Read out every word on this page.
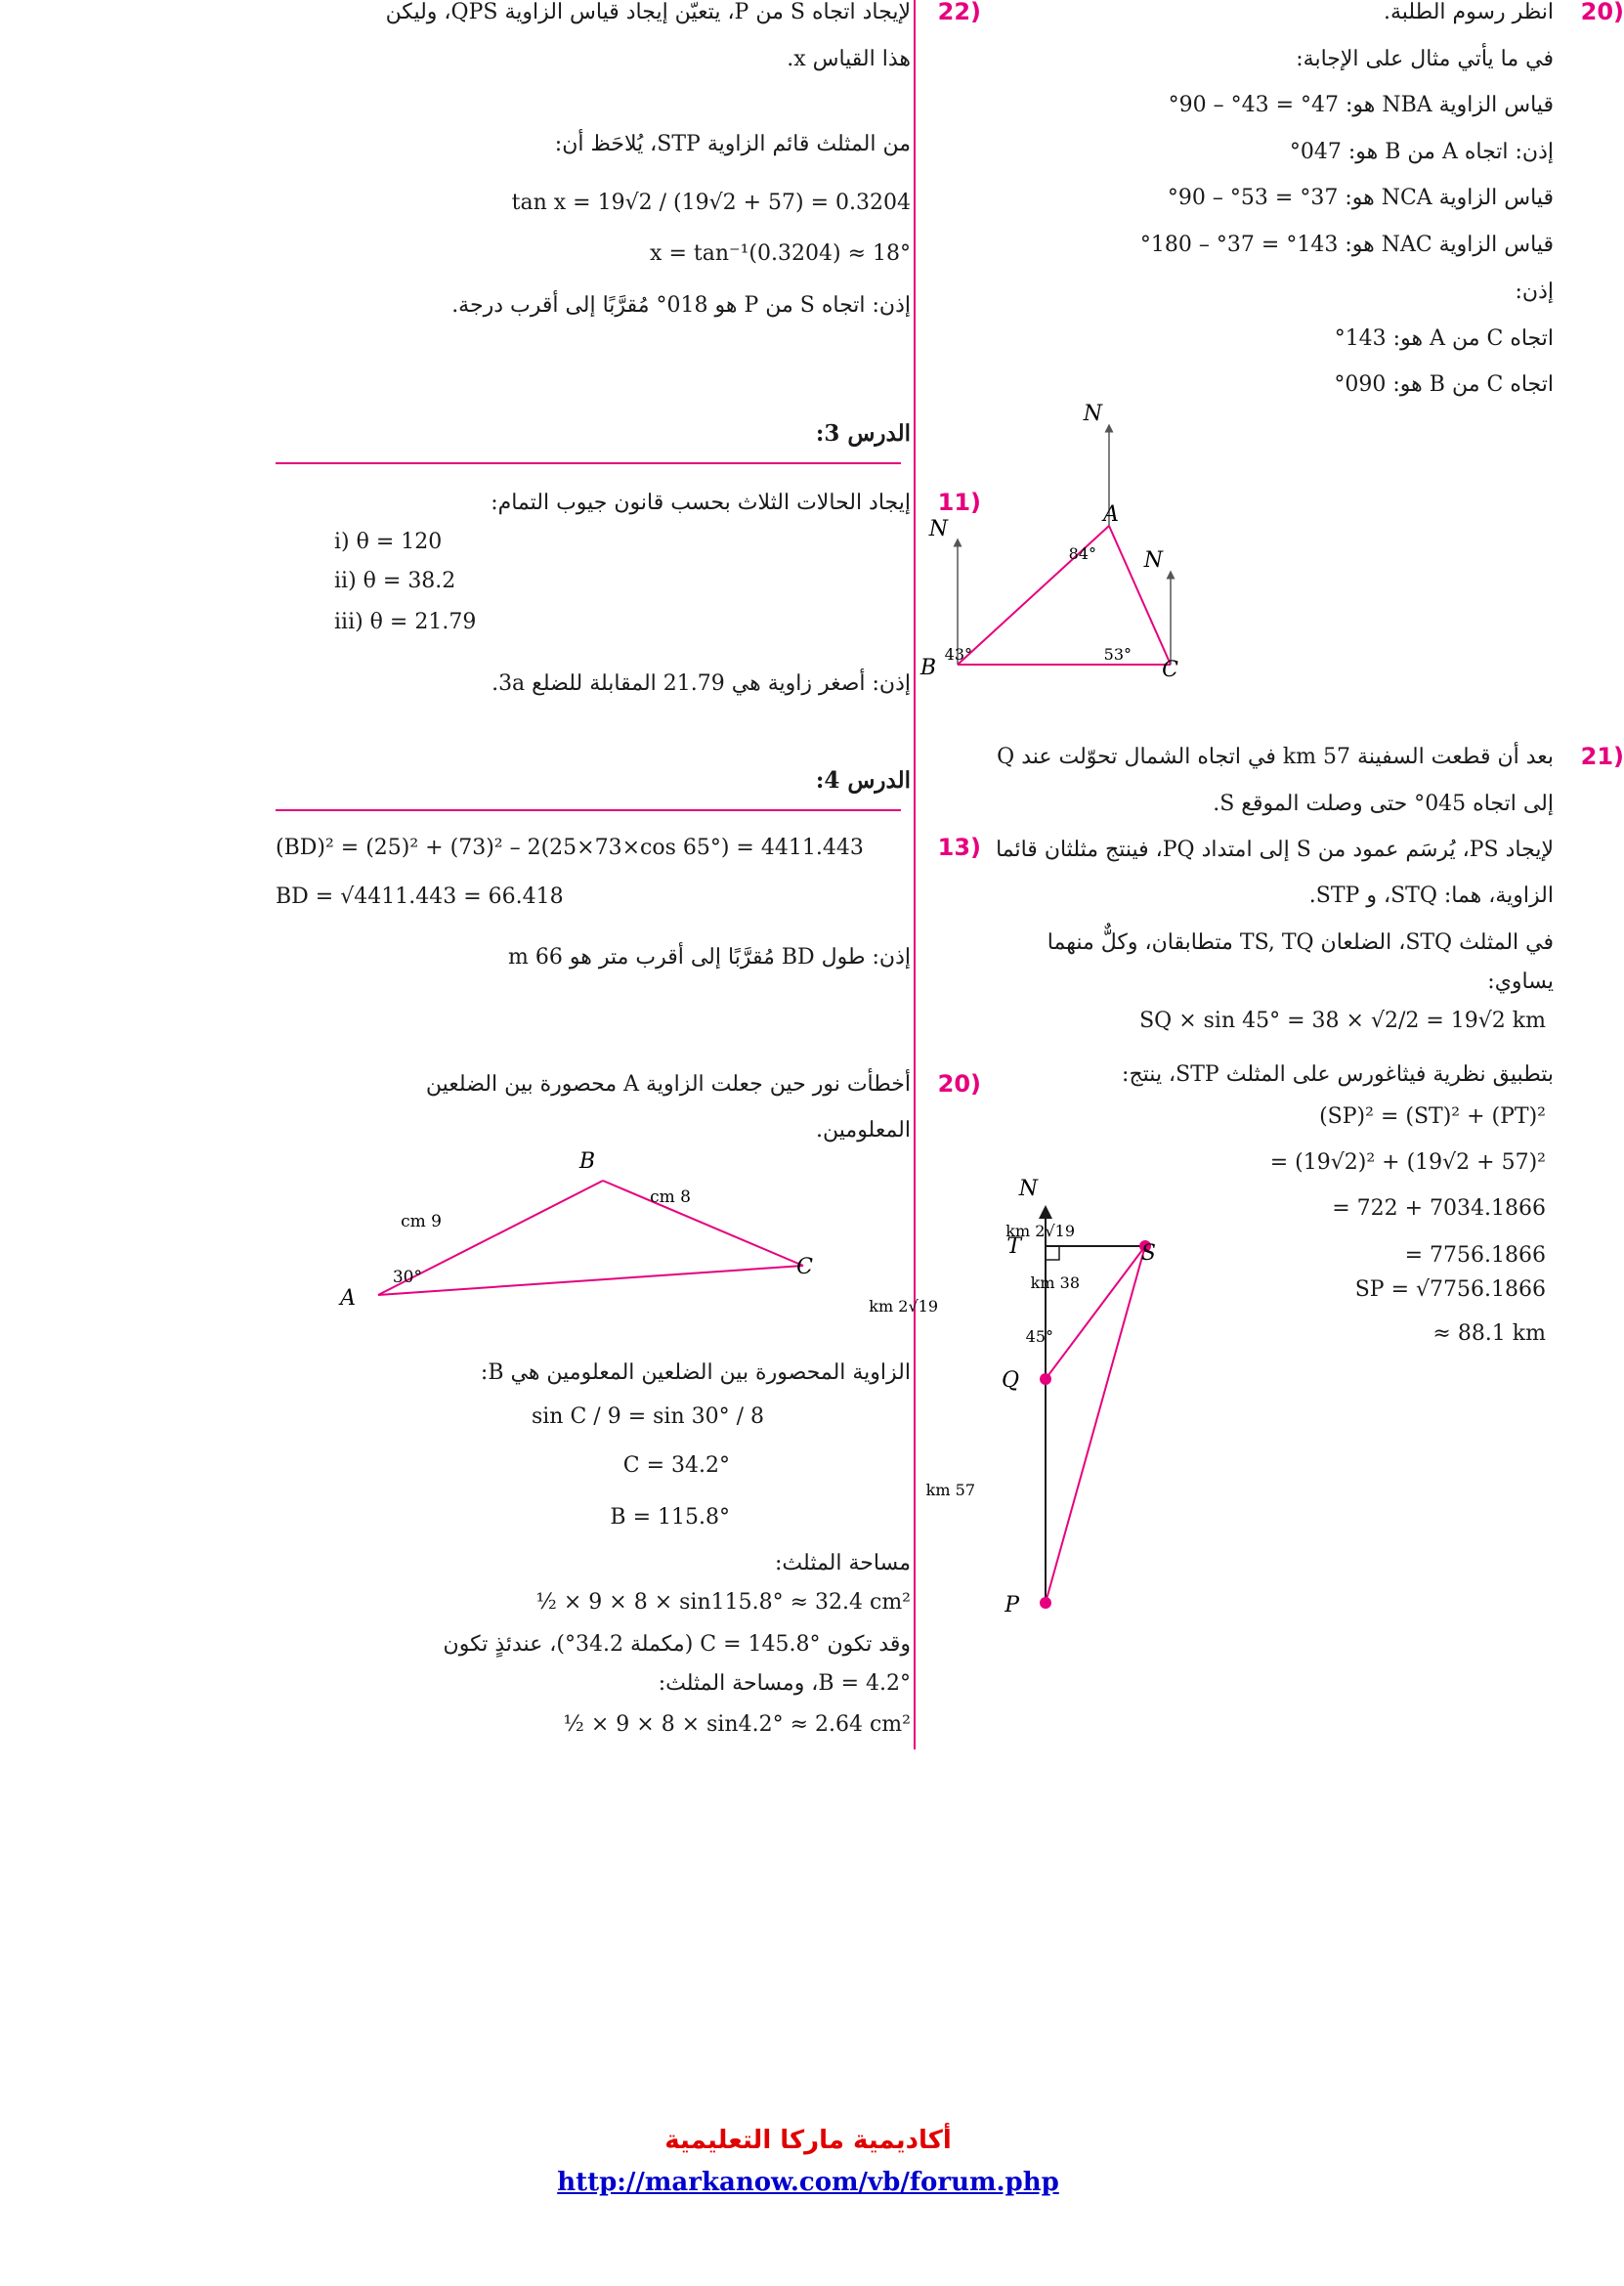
20)
انظر رسوم الطلبة.
في ما يأتي مثال على الإجابة:
قياس الزاوية NBA هو: 47° = 43° – 90°
إذن: اتجاه A من B هو: 047°
قياس الزاوية NCA هو: 37° = 53° – 90°
قياس الزاوية NAC هو: 143° = 37° – 180°
إذن:
اتجاه C من A هو: 143°
اتجاه C من B هو: 090°
N
A
N
N
B	C
84°
43°	53°
21)
بعد أن قطعت السفينة 57 km في اتجاه الشمال تحوّلت عند Q
إلى اتجاه 045° حتى وصلت الموقع S.
لإيجاد PS، يُرسَم عمود من S إلى امتداد PQ، فينتج مثلثان قائما
الزاوية، هما: STQ، و STP.
في المثلث STQ، الضلعان TS, TQ متطابقان، وكلٌّ منهما
يساوي:
SQ × sin 45° = 38 × √2/2 = 19√2 km
بتطبيق نظرية فيثاغورس على المثلث STP، ينتج:
(SP)² = (ST)² + (PT)²
= (19√2)² + (19√2 + 57)²
= 722 + 7034.1866
= 7756.1866
SP = √7756.1866
≈ 88.1 km
N
T	S
Q
P
19√2 km
19√2 km
38 km
45°
57 km
22)
لإيجاد اتجاه S من P، يتعيّن إيجاد قياس الزاوية QPS، وليكن
هذا القياس x.
من المثلث قائم الزاوية STP، يُلاحَظ أن:
tan x = 19√2 / (19√2 + 57) = 0.3204
x = tan⁻¹(0.3204) ≈ 18°
إذن: اتجاه S من P هو 018° مُقرَّبًا إلى أقرب درجة.
الدرس 3:
11)
إيجاد الحالات الثلاث بحسب قانون جيوب التمام:
i) θ = 120
ii) θ = 38.2
iii) θ = 21.79
إذن: أصغر زاوية هي 21.79 المقابلة للضلع 3a.
الدرس 4:
13)
(BD)² = (25)² + (73)² – 2(25×73×cos 65°) = 4411.443
BD = √4411.443 = 66.418
إذن: طول BD مُقرَّبًا إلى أقرب متر هو 66 m
20)
أخطأت نور حين جعلت الزاوية A محصورة بين الضلعين
المعلومين.
A
B
C
9 cm
8 cm
30°
الزاوية المحصورة بين الضلعين المعلومين هي B:
sin C / 9 = sin 30° / 8
C = 34.2°
B = 115.8°
مساحة المثلث:
½ × 9 × 8 × sin115.8° ≈ 32.4 cm²
وقد تكون C = 145.8° (مكملة 34.2°)، عندئذٍ تكون
B = 4.2°، ومساحة المثلث:
½ × 9 × 8 × sin4.2° ≈ 2.64 cm²
أكاديمية ماركا التعليمية
http://markanow.com/vb/forum.php
